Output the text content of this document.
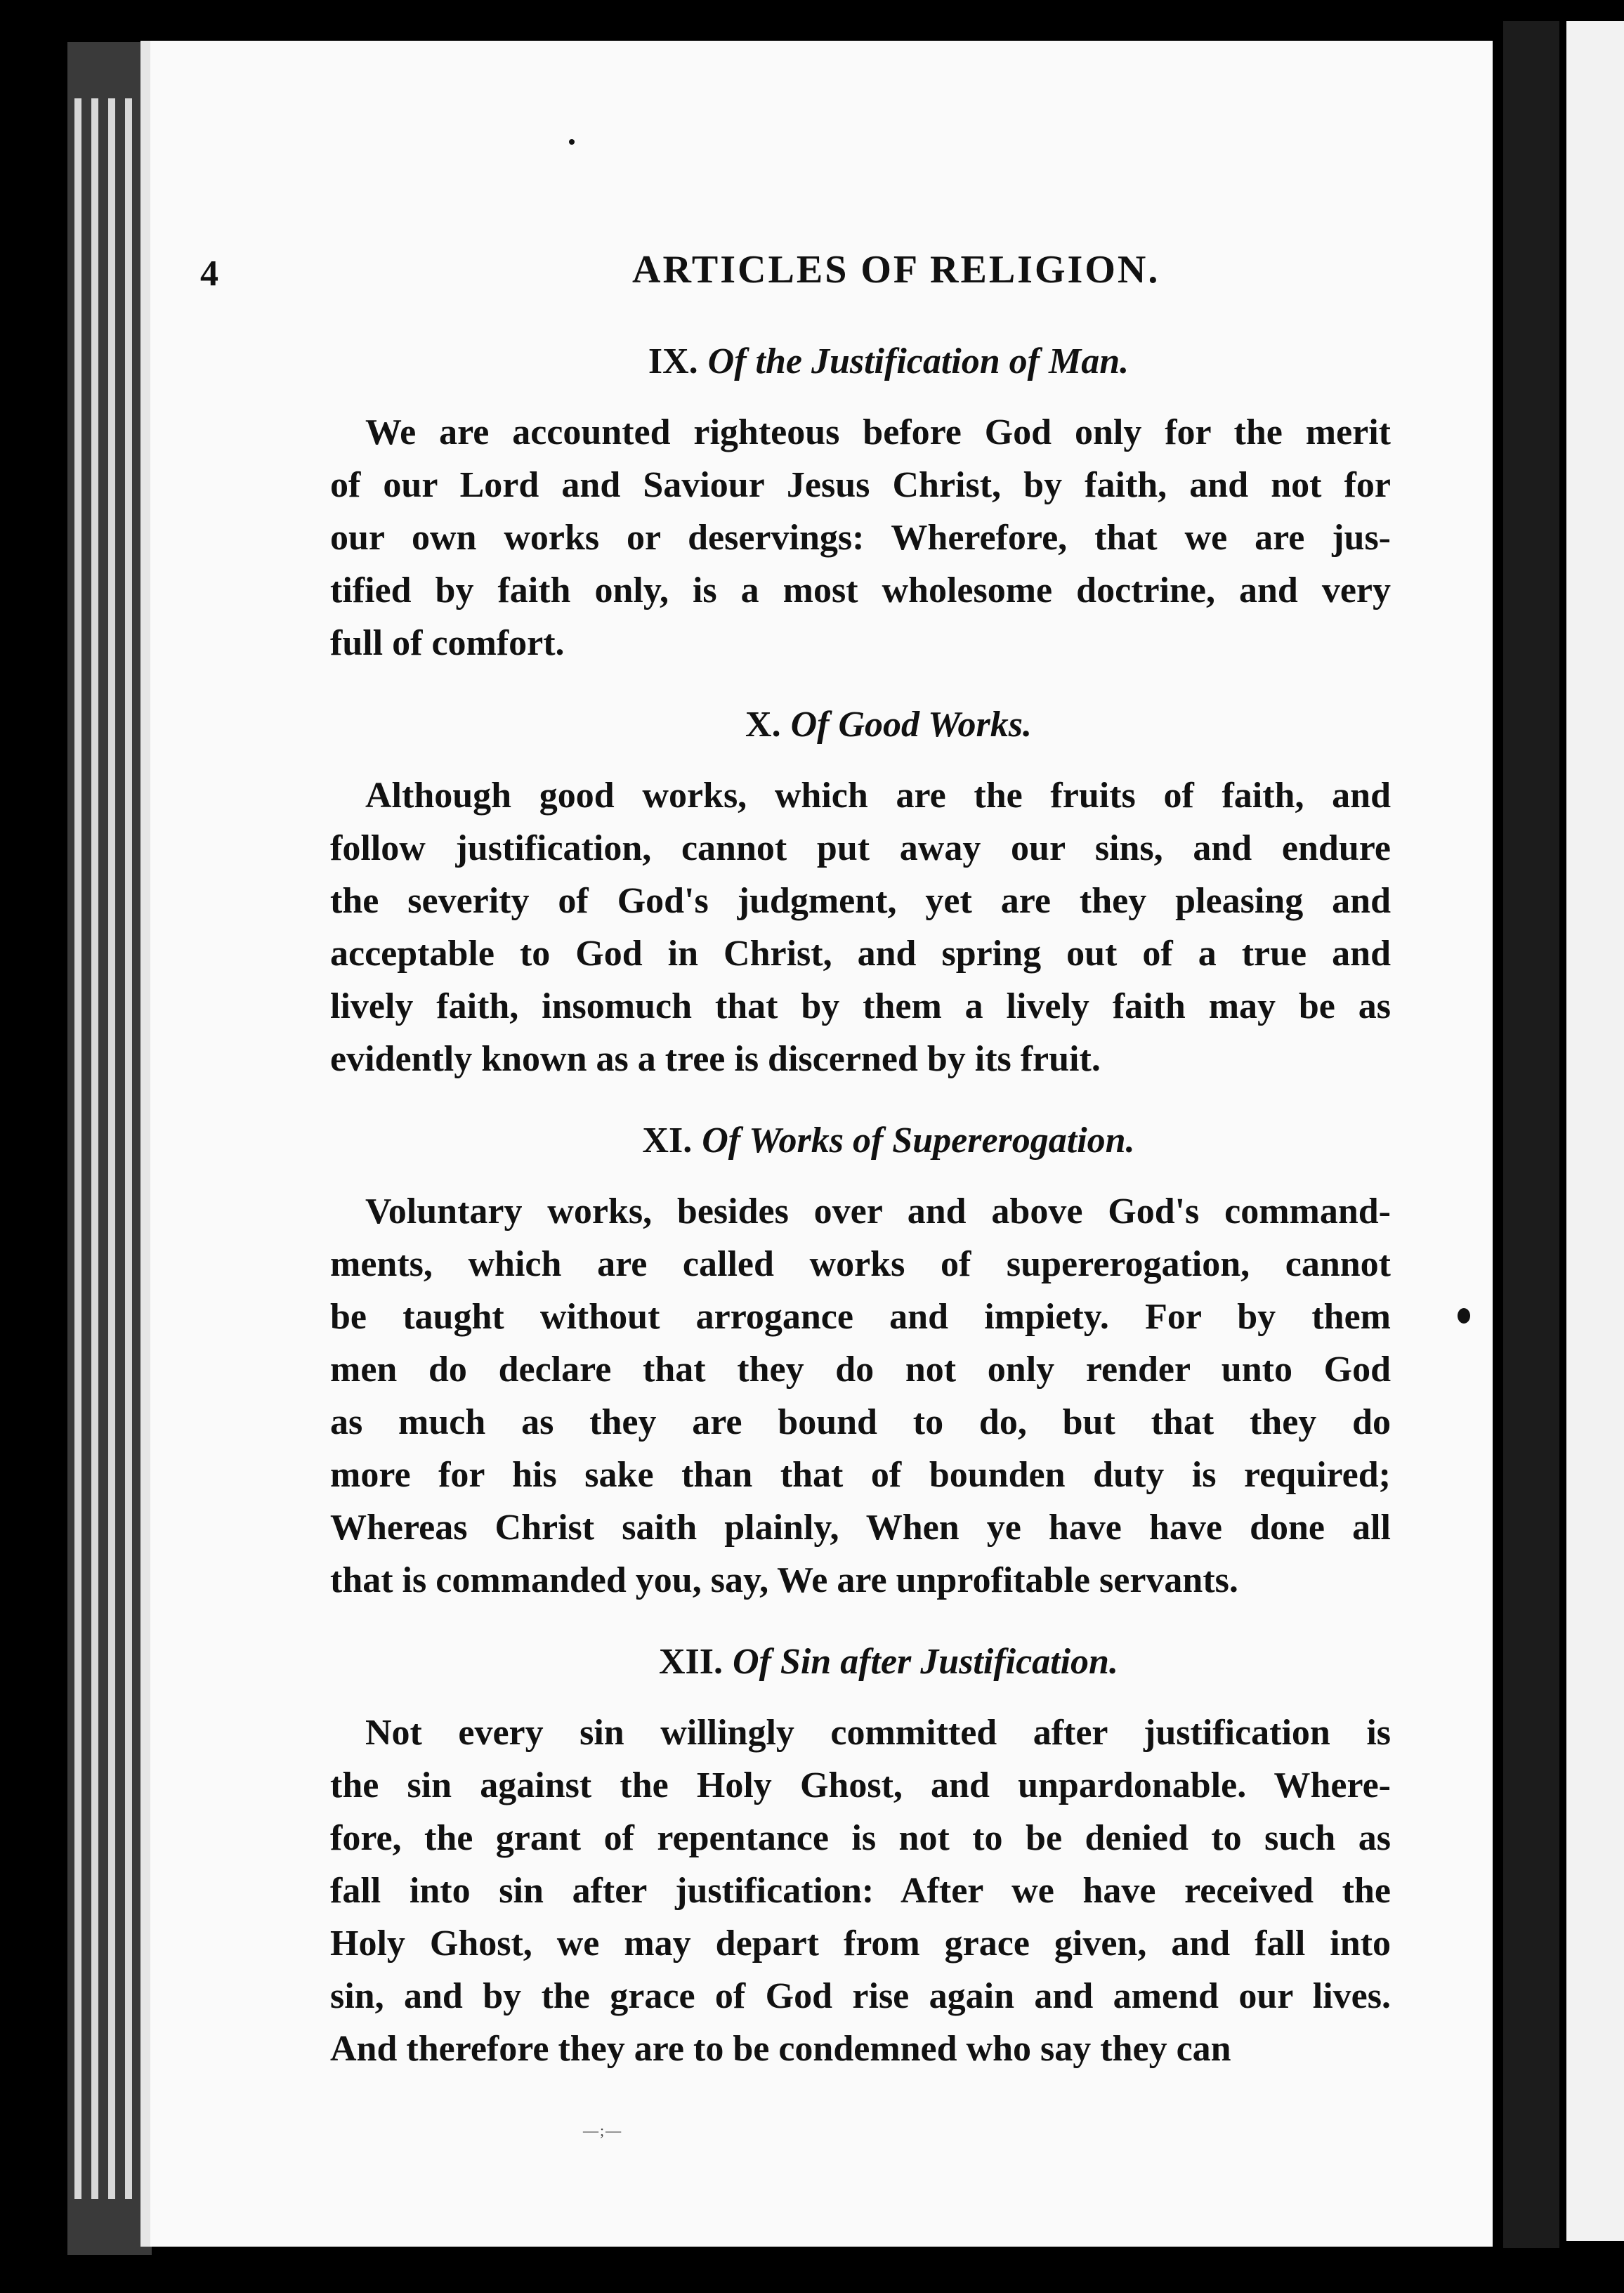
4	ARTICLES OF RELIGION.
IX. Of the Justification of Man.
We are accounted righteous before God only for the merit
of our Lord and Saviour Jesus Christ, by faith, and not for
our own works or deservings: Wherefore, that we are jus-
tified by faith only, is a most wholesome doctrine, and very
full of comfort.
X. Of Good Works.
Although good works, which are the fruits of faith, and
follow justification, cannot put away our sins, and endure
the severity of God's judgment, yet are they pleasing and
acceptable to God in Christ, and spring out of a true and
lively faith, insomuch that by them a lively faith may be as
evidently known as a tree is discerned by its fruit.
XI. Of Works of Supererogation.
Voluntary works, besides over and above God's command-
ments, which are called works of supererogation, cannot
be taught without arrogance and impiety. For by them
men do declare that they do not only render unto God
as much as they are bound to do, but that they do
more for his sake than that of bounden duty is required;
Whereas Christ saith plainly, When ye have have done all
that is commanded you, say, We are unprofitable servants.
XII. Of Sin after Justification.
Not every sin willingly committed after justification is
the sin against the Holy Ghost, and unpardonable. Where-
fore, the grant of repentance is not to be denied to such as
fall into sin after justification: After we have received the
Holy Ghost, we may depart from grace given, and fall into
sin, and by the grace of God rise again and amend our lives.
And therefore they are to be condemned who say they can
—;—
